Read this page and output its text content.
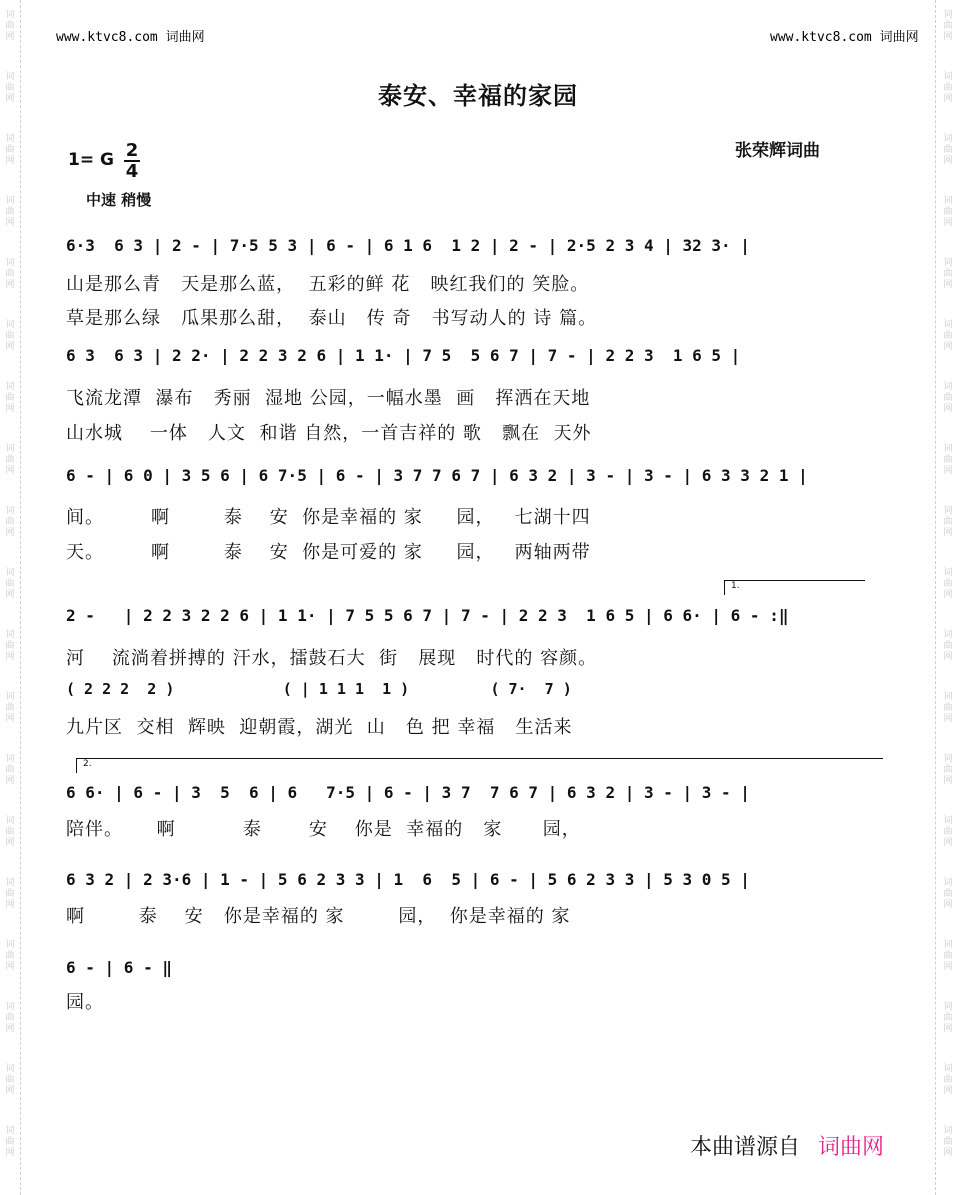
词
曲
网
词
曲
网
词
曲
网
词
曲
网
词
曲
网
词
曲
网
词
曲
网
词
曲
网
词
曲
网
词
曲
网
词
曲
网
词
曲
网
词
曲
网
词
曲
网
词
曲
网
词
曲
网
词
曲
网
词
曲
网
词
曲
网
词
曲
网
词
曲
网
词
曲
网
词
曲
网
词
曲
网
词
曲
网
词
曲
网
词
曲
网
词
曲
网
词
曲
网
词
曲
网
词
曲
网
词
曲
网
词
曲
网
词
曲
网
词
曲
网
词
曲
网
词
曲
网
词
曲
网
www.ktvc8.com 词曲网	www.ktvc8.com 词曲网
泰安、幸福的家园
张荣辉词曲
1= G 2
4
中速 稍慢
6·3  6 3 | 2 - | 7·5 5 3 | 6 - | 6 1 6  1 2 | 2 - | 2·5 2 3 4 | 32 3· |
山是那么青   天是那么蓝，  五彩的鲜 花   映红我们的 笑脸。
草是那么绿   瓜果那么甜，  泰山   传 奇   书写动人的 诗 篇。
6 3  6 3 | 2 2· | 2 2 3 2 6 | 1 1· | 7 5  5 6 7 | 7 - | 2 2 3  1 6 5 |
飞流龙潭  瀑布   秀丽  湿地 公园，一幅水墨  画   挥洒在天地
山水城    一体   人文  和谐 自然，一首吉祥的 歌   飘在  天外
6 - | 6 0 | 3 5 6 | 6 7·5 | 6 - | 3 7 7 6 7 | 6 3 2 | 3 - | 3 - | 6 3 3 2 1 |
间。       啊        泰    安  你是幸福的 家     园，   七湖十四
天。       啊        泰    安  你是可爱的 家     园，   两轴两带
1.
2 -   | 2 2 3 2 2 6 | 1 1· | 7 5 5 6 7 | 7 - | 2 2 3  1 6 5 | 6 6· | 6 - :‖
河    流淌着拼搏的 汗水，擂鼓石大  街   展现   时代的 容颜。
( 2 2 2  2 )            ( | 1 1 1  1 )         ( 7·  7 )
九片区  交相  辉映  迎朝霞，湖光  山   色 把 幸福   生活来
2.
6 6· | 6 - | 3  5  6 | 6   7·5 | 6 - | 3 7  7 6 7 | 6 3 2 | 3 - | 3 - |
陪伴。     啊          泰       安    你是  幸福的   家      园，
6 3 2 | 2 3·6 | 1 - | 5 6 2 3 3 | 1  6  5 | 6 - | 5 6 2 3 3 | 5 3 0 5 |
啊        泰    安   你是幸福的 家        园，  你是幸福的 家
6 - | 6 - ‖
园。
本曲谱源自 词曲网
